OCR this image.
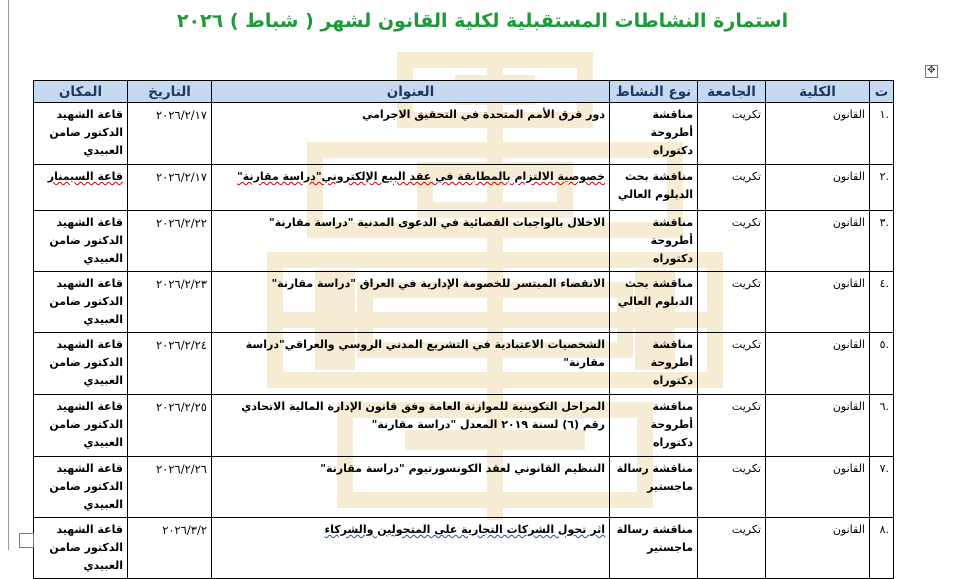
استمارة النشاطات المستقبلية لكلية القانون لشهر ( شباط ) ٢٠٢٦
✥
ت	الكلية	الجامعة	نوع النشاط	العنوان	التاريخ	المكان
.١	القانون	تكريت	مناقشة أطروحة دكتوراه	دور فرق الأمم المتحدة في التحقيق الاجرامي	٢٠٢٦/٢/١٧	قاعة الشهيد الدكتور ضامن العبيدي
.٢	القانون	تكريت	مناقشة بحث الدبلوم العالي	خصوصية الالتزام بالمطابقة في عقد البيع الإلكتروني"دراسة مقارنة"	٢٠٢٦/٢/١٧	قاعة السيمنار
.٣	القانون	تكريت	مناقشة أطروحة دكتوراه	الاخلال بالواجبات القضائية في الدعوى المدنية "دراسة مقارنة"	٢٠٢٦/٢/٢٢	قاعة الشهيد الدكتور ضامن العبيدي
.٤	القانون	تكريت	مناقشة بحث الدبلوم العالي	الانقضاء المبتسر للخصومة الإدارية في العراق "دراسة مقارنة"	٢٠٢٦/٢/٢٣	قاعة الشهيد الدكتور ضامن العبيدي
.٥	القانون	تكريت	مناقشة أطروحة دكتوراه	الشخصيات الاعتبادية في التشريع المدني الروسي والعراقي"دراسة مقارنة"	٢٠٢٦/٢/٢٤	قاعة الشهيد الدكتور ضامن العبيدي
.٦	القانون	تكريت	مناقشة أطروحة دكتوراه	المراحل التكوينية للموازنة العامة وفق قانون الإدارة المالية الاتحادي رقم (٦) لسنة ٢٠١٩ المعدل "دراسة مقارنة"	٢٠٢٦/٢/٢٥	قاعة الشهيد الدكتور ضامن العبيدي
.٧	القانون	تكريت	مناقشة رسالة ماجستير	التنظيم القانوني لعقد الكونسورتيوم "دراسة مقارنة"	٢٠٢٦/٢/٢٦	قاعة الشهيد الدكتور ضامن العبيدي
.٨	القانون	تكريت	مناقشة رسالة ماجستير	اثر تحول الشركات التجارية على المتحولين والشركاء	٢٠٢٦/٣/٢	قاعة الشهيد الدكتور ضامن العبيدي
